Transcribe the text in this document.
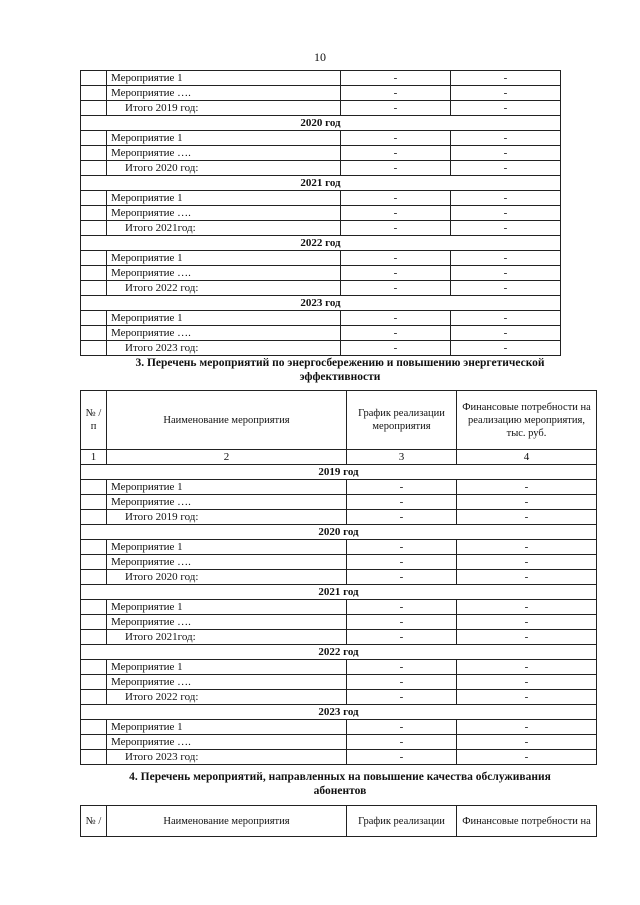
10
	Мероприятие 1	-	-
	Мероприятие ….	-	-
	Итого 2019 год:	-	-
2020 год			
	Мероприятие 1	-	-
	Мероприятие ….	-	-
	Итого 2020 год:	-	-
2021 год			
	Мероприятие 1	-	-
	Мероприятие ….	-	-
	Итого 2021год:	-	-
2022 год			
	Мероприятие 1	-	-
	Мероприятие ….	-	-
	Итого 2022 год:	-	-
2023 год			
	Мероприятие 1	-	-
	Мероприятие ….	-	-
	Итого 2023 год:	-	-
3. Перечень мероприятий по энергосбережению и повышению энергетической
эффективности
№ / п	Наименование мероприятия	График реализации мероприятия	Финансовые потребности на реализацию мероприятия, тыс. руб.
1	2	3	4
2019 год			
	Мероприятие 1	-	-
	Мероприятие ….	-	-
	Итого 2019 год:	-	-
2020 год			
	Мероприятие 1	-	-
	Мероприятие ….	-	-
	Итого 2020 год:	-	-
2021 год			
	Мероприятие 1	-	-
	Мероприятие ….	-	-
	Итого 2021год:	-	-
2022 год			
	Мероприятие 1	-	-
	Мероприятие ….	-	-
	Итого 2022 год:	-	-
2023 год			
	Мероприятие 1	-	-
	Мероприятие ….	-	-
	Итого 2023 год:	-	-
4. Перечень мероприятий, направленных на повышение качества обслуживания
абонентов
№ /	Наименование мероприятия	График реализации	Финансовые потребности на
